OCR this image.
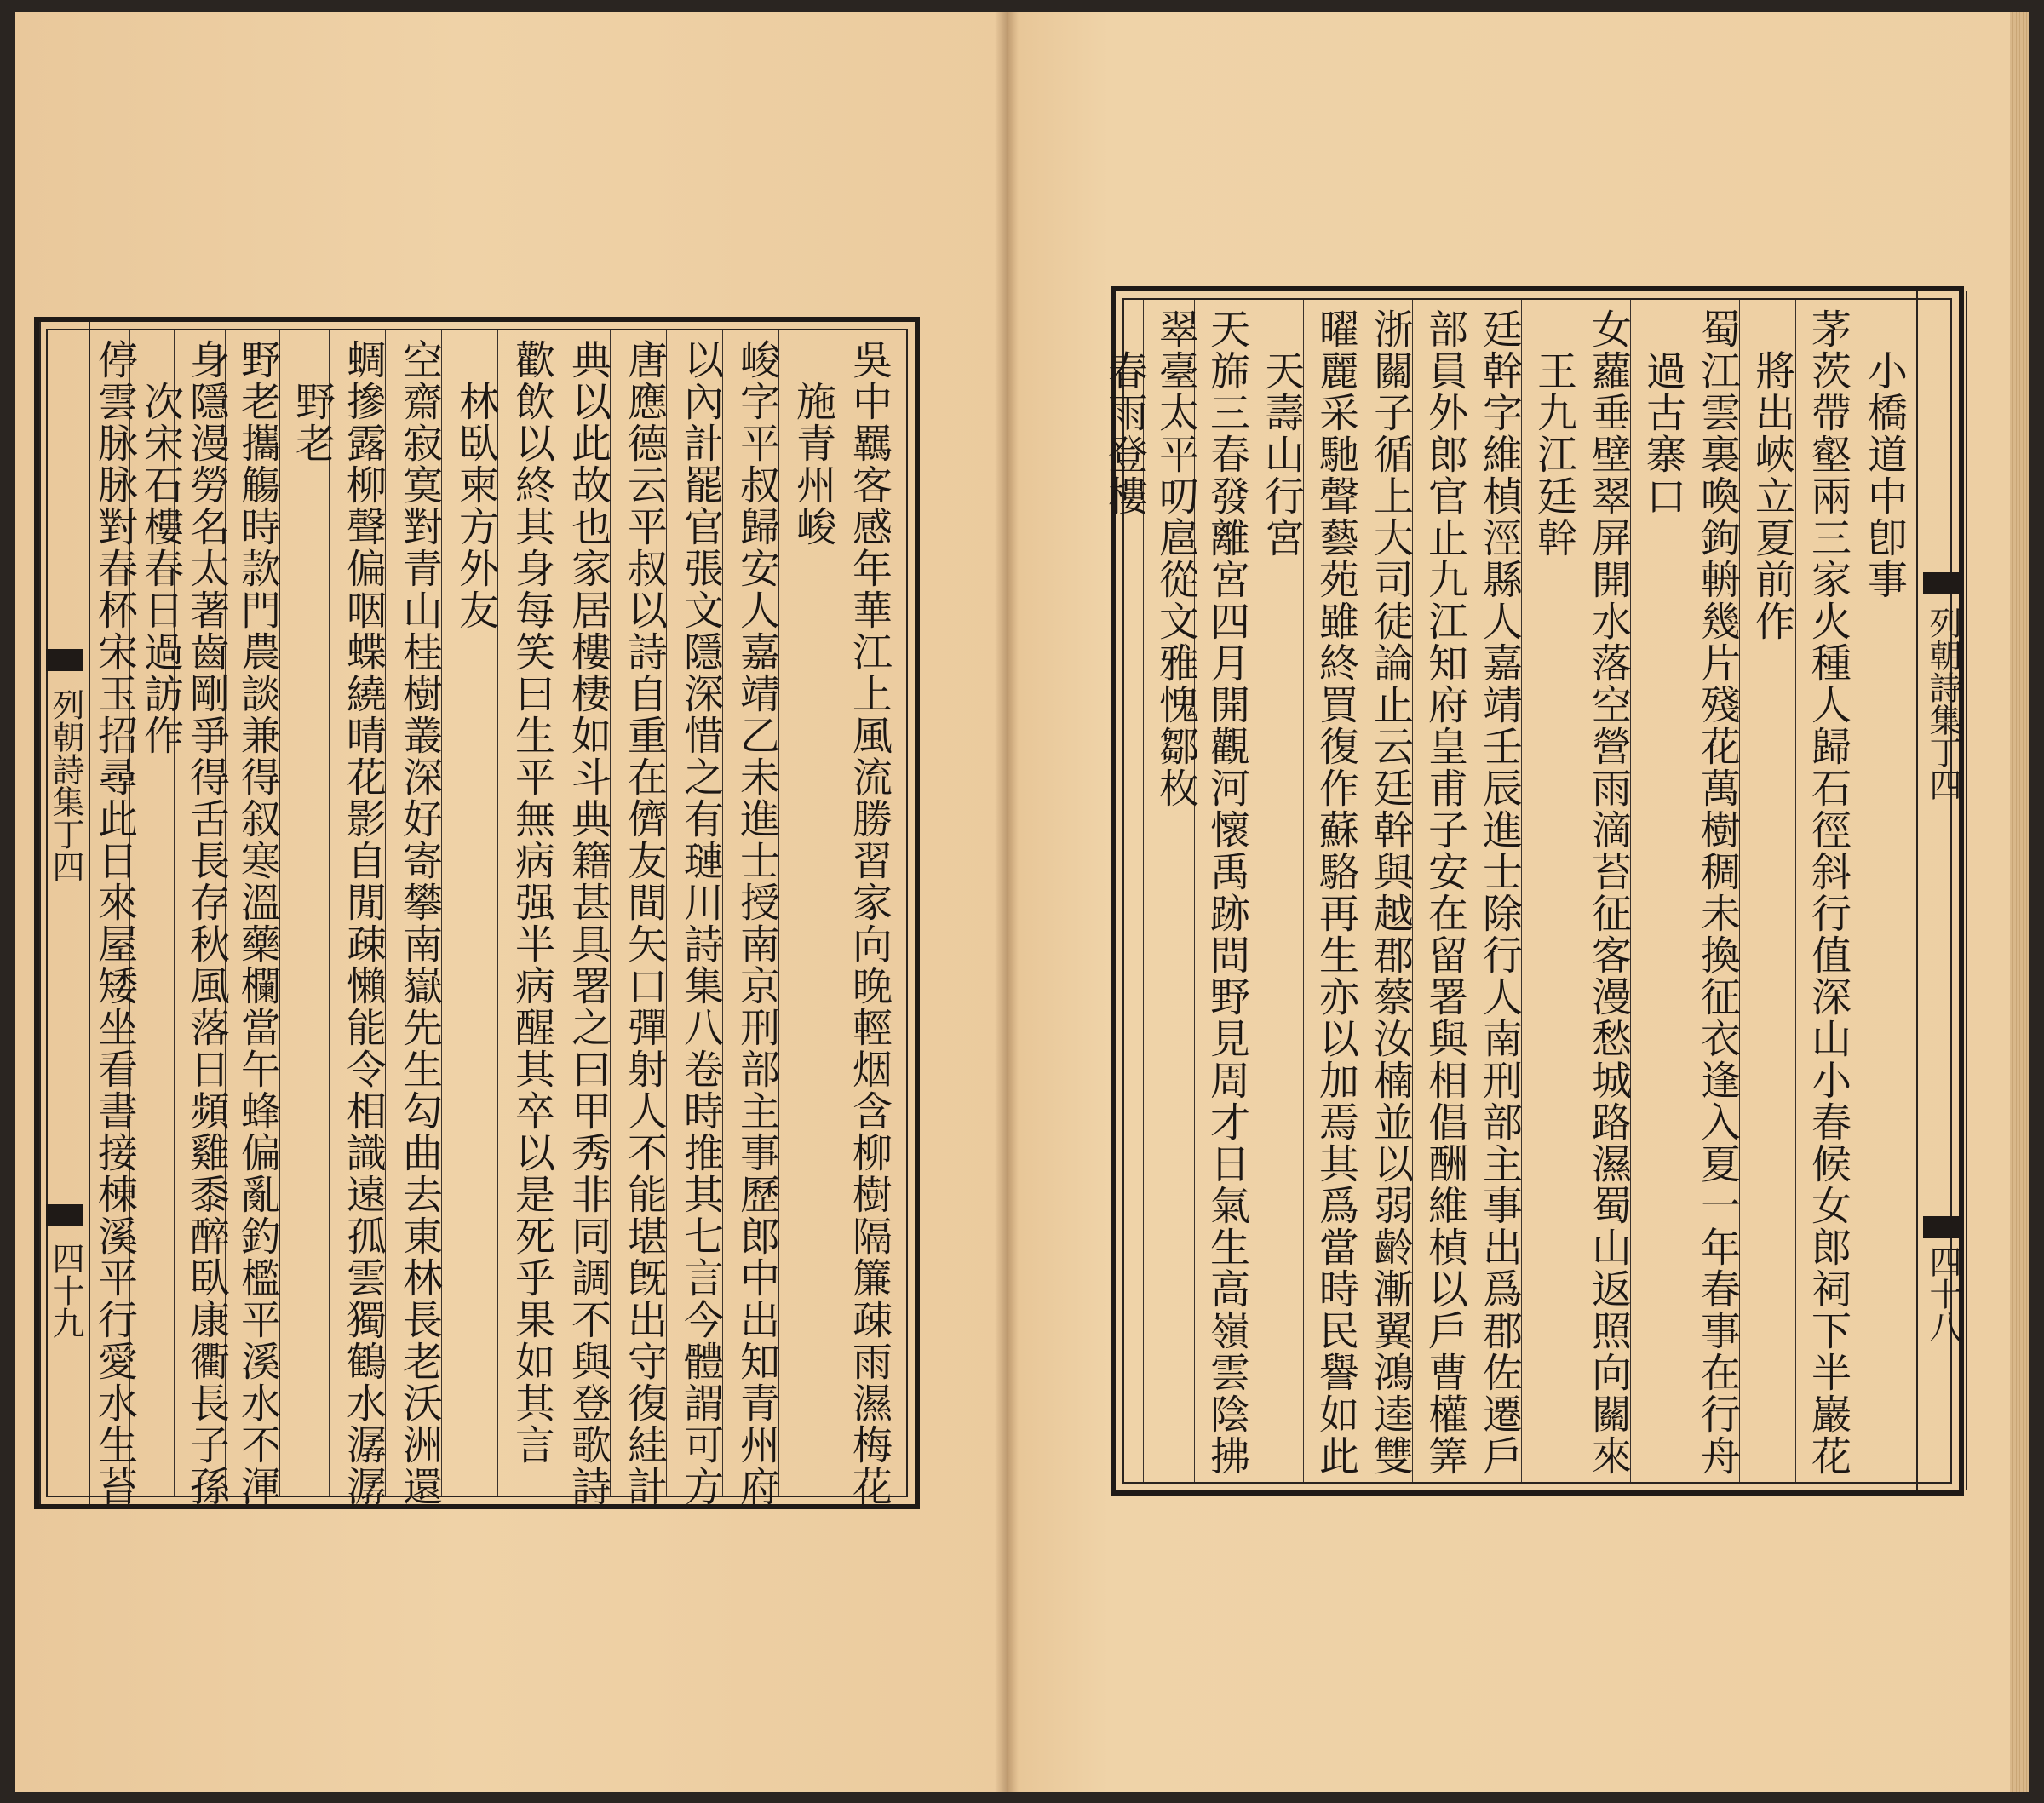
列朝詩集丁四
四十九	吳中羈客感年華江上風流勝習家向晚輕烟含柳樹隔簾疎雨濕梅花
　施青州峻
峻字平叔歸安人嘉靖乙未進士授南京刑部主事歷郎中出知青州府
以內計罷官張文隱深惜之有璉川詩集八卷時推其七言今體謂可方
唐應德云平叔以詩自重在儕友間矢口彈射人不能堪旣出守復絓計
典以此故也家居樓棲如斗典籍甚具署之曰甲秀非同調不與登歌詩
歡飲以終其身每笑曰生平無病强半病醒其卒以是死乎果如其言
　林臥柬方外友
空齋寂寞對青山桂樹叢深好寄攀南嶽先生勾曲去東林長老沃洲還
蜩摻露柳聲偏咽蝶繞晴花影自閒疎懶能令相識遠孤雲獨鶴水潺潺
　野老
野老攜觴時款門農談兼得叙寒溫藥欄當午蜂偏亂釣檻平溪水不渾
身隱漫勞名太著齒剛爭得舌長存秋風落日頻雞黍醉臥康衢長子孫
　次宋石樓春日過訪作
停雲脉脉對春杯宋玉招尋此日來屋矮坐看書接棟溪平行愛水生苔	列朝詩集丁四
四十八
　小橋道中卽事
茅茨帶壑兩三家火種人歸石徑斜行值深山小春候女郎祠下半巖花
　將出峽立夏前作
蜀江雲裏喚鉤輈幾片殘花萬樹稠未換征衣逢入夏一年春事在行舟
　過古寨口
女蘿垂壁翠屏開水落空營雨滴苔征客漫愁城路濕蜀山返照向關來
　王九江廷幹
廷幹字維楨涇縣人嘉靖壬辰進士除行人南刑部主事出爲郡佐遷戶
部員外郎官止九江知府皇甫子安在留署與相倡酬維楨以戶曹權筭
浙關子循上大司徒論止云廷幹與越郡蔡汝楠並以弱齡漸翼鴻逵雙
曜麗采馳聲藝苑雖終買復作蘇駱再生亦以加焉其爲當時民譽如此
　天壽山行宮
天旆三春發離宮四月開觀河懷禹跡問野見周才日氣生高嶺雲陰拂
翠臺太平叨扈從文雅愧鄒枚
　春雨登樓
